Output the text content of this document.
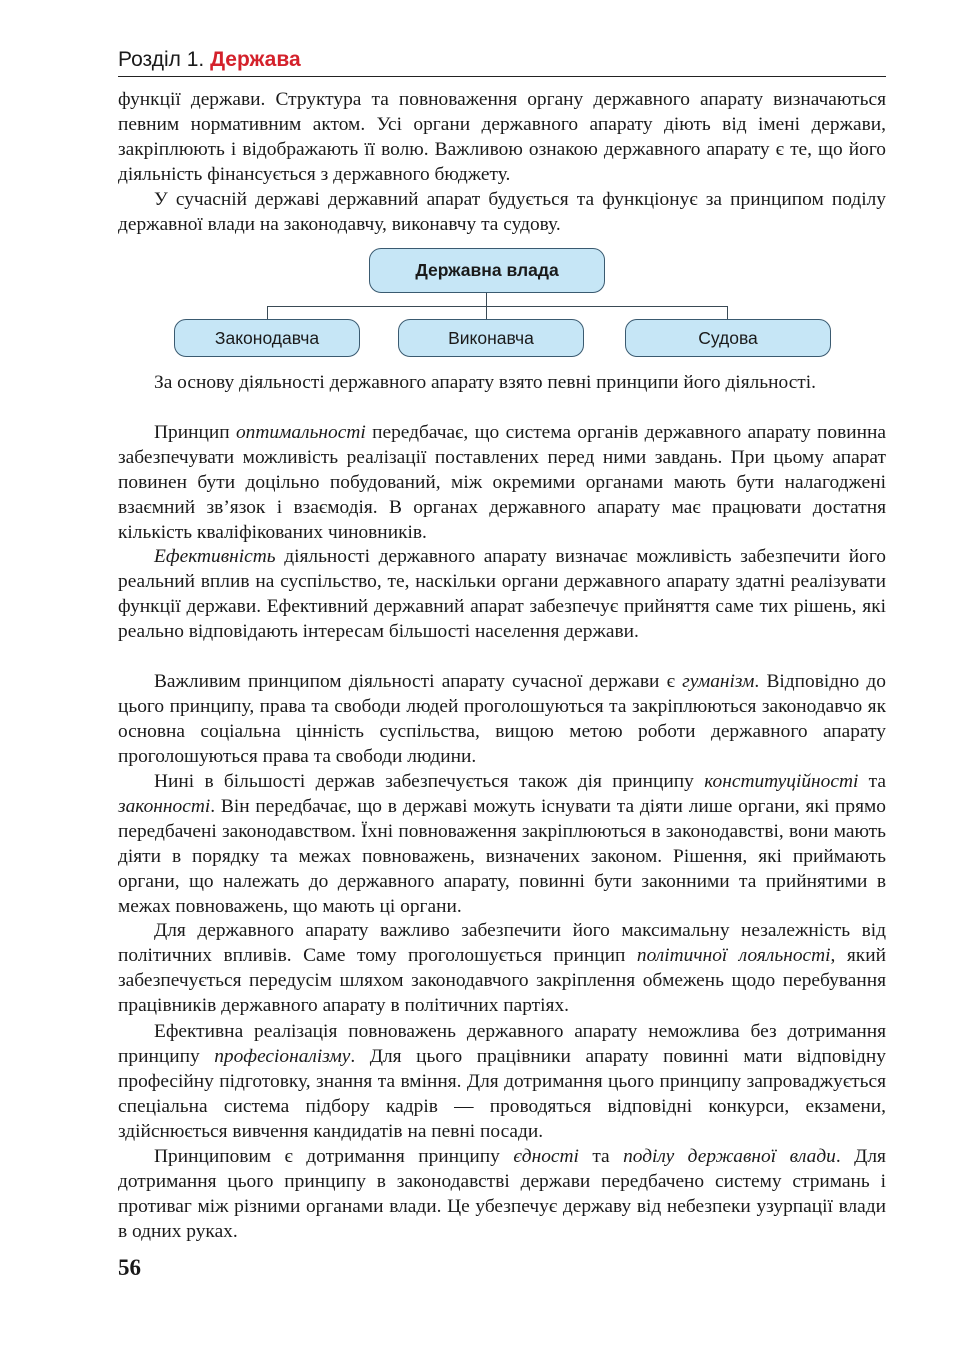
Розділ 1. Держава

функції держави. Структура та повноваження органу державного апарату визначаються певним нормативним актом. Усі органи державного апарату діють від імені держави, закріплюють і відображають її волю. Важливою ознакою державного апарату є те, що його діяльність фінансується з державного бюджету.

У сучасній державі державний апарат будується та функціонує за принципом поділу державної влади на законодавчу, виконавчу та судову.

Державна влада
Законодавча	Виконавча	Судова

За основу діяльності державного апарату взято певні принципи його діяльності.

Принцип оптимальності передбачає, що система органів державного апарату повинна забезпечувати можливість реалізації поставлених перед ними завдань. При цьому апарат повинен бути доцільно побудований, між окремими органами мають бути налагоджені взаємний зв’язок і взаємодія. В органах державного апарату має працювати достатня кількість кваліфікованих чиновників.

Ефективність діяльності державного апарату визначає можливість забезпечити його реальний вплив на суспільство, те, наскільки органи державного апарату здатні реалізувати функції держави. Ефективний державний апарат забезпечує прийняття саме тих рішень, які реально відповідають інтересам більшості населення держави.

Важливим принципом діяльності апарату сучасної держави є гуманізм. Відповідно до цього принципу, права та свободи людей проголошуються та закріплюються законодавчо як основна соціальна цінність суспільства, вищою метою роботи державного апарату проголошуються права та свободи людини.

Нині в більшості держав забезпечується також дія принципу конституційності та законності. Він передбачає, що в державі можуть існувати та діяти лише органи, які прямо передбачені законодавством. Їхні повноваження закріплюються в законодавстві, вони мають діяти в порядку та межах повноважень, визначених законом. Рішення, які приймають органи, що належать до державного апарату, повинні бути законними та прийнятими в межах повноважень, що мають ці органи.

Для державного апарату важливо забезпечити його максимальну незалежність від політичних впливів. Саме тому проголошується принцип політичної лояльності, який забезпечується передусім шляхом законодавчого закріплення обмежень щодо перебування працівників державного апарату в політичних партіях.

Ефективна реалізація повноважень державного апарату неможлива без дотримання принципу професіоналізму. Для цього працівники апарату повинні мати відповідну професійну підготовку, знання та вміння. Для дотримання цього принципу запроваджується спеціальна система підбору кадрів — проводяться відповідні конкурси, екзамени, здійснюється вивчення кандидатів на певні посади.

Принциповим є дотримання принципу єдності та поділу державної влади. Для дотримання цього принципу в законодавстві держави передбачено систему стримань і противаг між різними органами влади. Це убезпечує державу від небезпеки узурпації влади в одних руках.

56
